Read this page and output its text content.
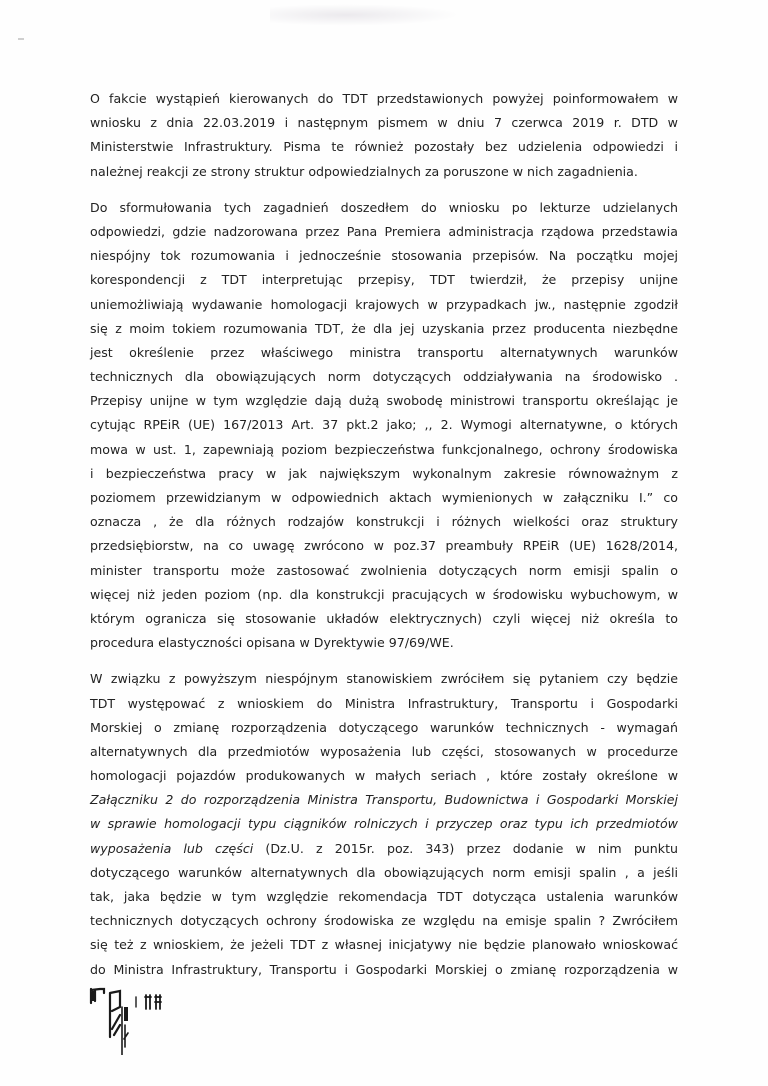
O fakcie wystąpień kierowanych do TDT przedstawionych powyżej poinformowałem w
wniosku z dnia 22.03.2019 i następnym pismem w dniu 7 czerwca 2019 r. DTD w
Ministerstwie Infrastruktury. Pisma te również pozostały bez udzielenia odpowiedzi i
należnej reakcji ze strony struktur odpowiedzialnych za poruszone w nich zagadnienia.
Do sformułowania tych zagadnień doszedłem do wniosku po lekturze udzielanych
odpowiedzi, gdzie nadzorowana przez Pana Premiera administracja rządowa przedstawia
niespójny tok rozumowania i jednocześnie stosowania przepisów. Na początku mojej
korespondencji z TDT interpretując przepisy, TDT twierdził, że przepisy unijne
uniemożliwiają wydawanie homologacji krajowych w przypadkach jw., następnie zgodził
się z moim tokiem rozumowania TDT, że dla jej uzyskania przez producenta niezbędne
jest określenie przez właściwego ministra transportu alternatywnych warunków
technicznych dla obowiązujących norm dotyczących oddziaływania na środowisko .
Przepisy unijne w tym względzie dają dużą swobodę ministrowi transportu określając je
cytując RPEiR (UE) 167/2013 Art. 37 pkt.2 jako; ,, 2. Wymogi alternatywne, o których
mowa w ust. 1, zapewniają poziom bezpieczeństwa funkcjonalnego, ochrony środowiska
i bezpieczeństwa pracy w jak największym wykonalnym zakresie równoważnym z
poziomem przewidzianym w odpowiednich aktach wymienionych w załączniku I.” co
oznacza , że dla różnych rodzajów konstrukcji i różnych wielkości oraz struktury
przedsiębiorstw, na co uwagę zwrócono w poz.37 preambuły RPEiR (UE) 1628/2014,
minister transportu może zastosować zwolnienia dotyczących norm emisji spalin o
więcej niż jeden poziom (np. dla konstrukcji pracujących w środowisku wybuchowym, w
którym ogranicza się stosowanie układów elektrycznych) czyli więcej niż określa to
procedura elastyczności opisana w Dyrektywie 97/69/WE.
W związku z powyższym niespójnym stanowiskiem zwróciłem się pytaniem czy będzie
TDT występować z wnioskiem do Ministra Infrastruktury, Transportu i Gospodarki
Morskiej o zmianę rozporządzenia dotyczącego warunków technicznych - wymagań
alternatywnych dla przedmiotów wyposażenia lub części, stosowanych w procedurze
homologacji pojazdów produkowanych w małych seriach , które zostały określone w
Załączniku 2 do rozporządzenia Ministra Transportu, Budownictwa i Gospodarki Morskiej
w sprawie homologacji typu ciągników rolniczych i przyczep oraz typu ich przedmiotów
wyposażenia lub części (Dz.U. z 2015r. poz. 343) przez dodanie w nim punktu
dotyczącego warunków alternatywnych dla obowiązujących norm emisji spalin , a jeśli
tak, jaka będzie w tym względzie rekomendacja TDT dotycząca ustalenia warunków
technicznych dotyczących ochrony środowiska ze względu na emisje spalin ? Zwróciłem
się też z wnioskiem, że jeżeli TDT z własnej inicjatywy nie będzie planowało wnioskować
do Ministra Infrastruktury, Transportu i Gospodarki Morskiej o zmianę rozporządzenia w
